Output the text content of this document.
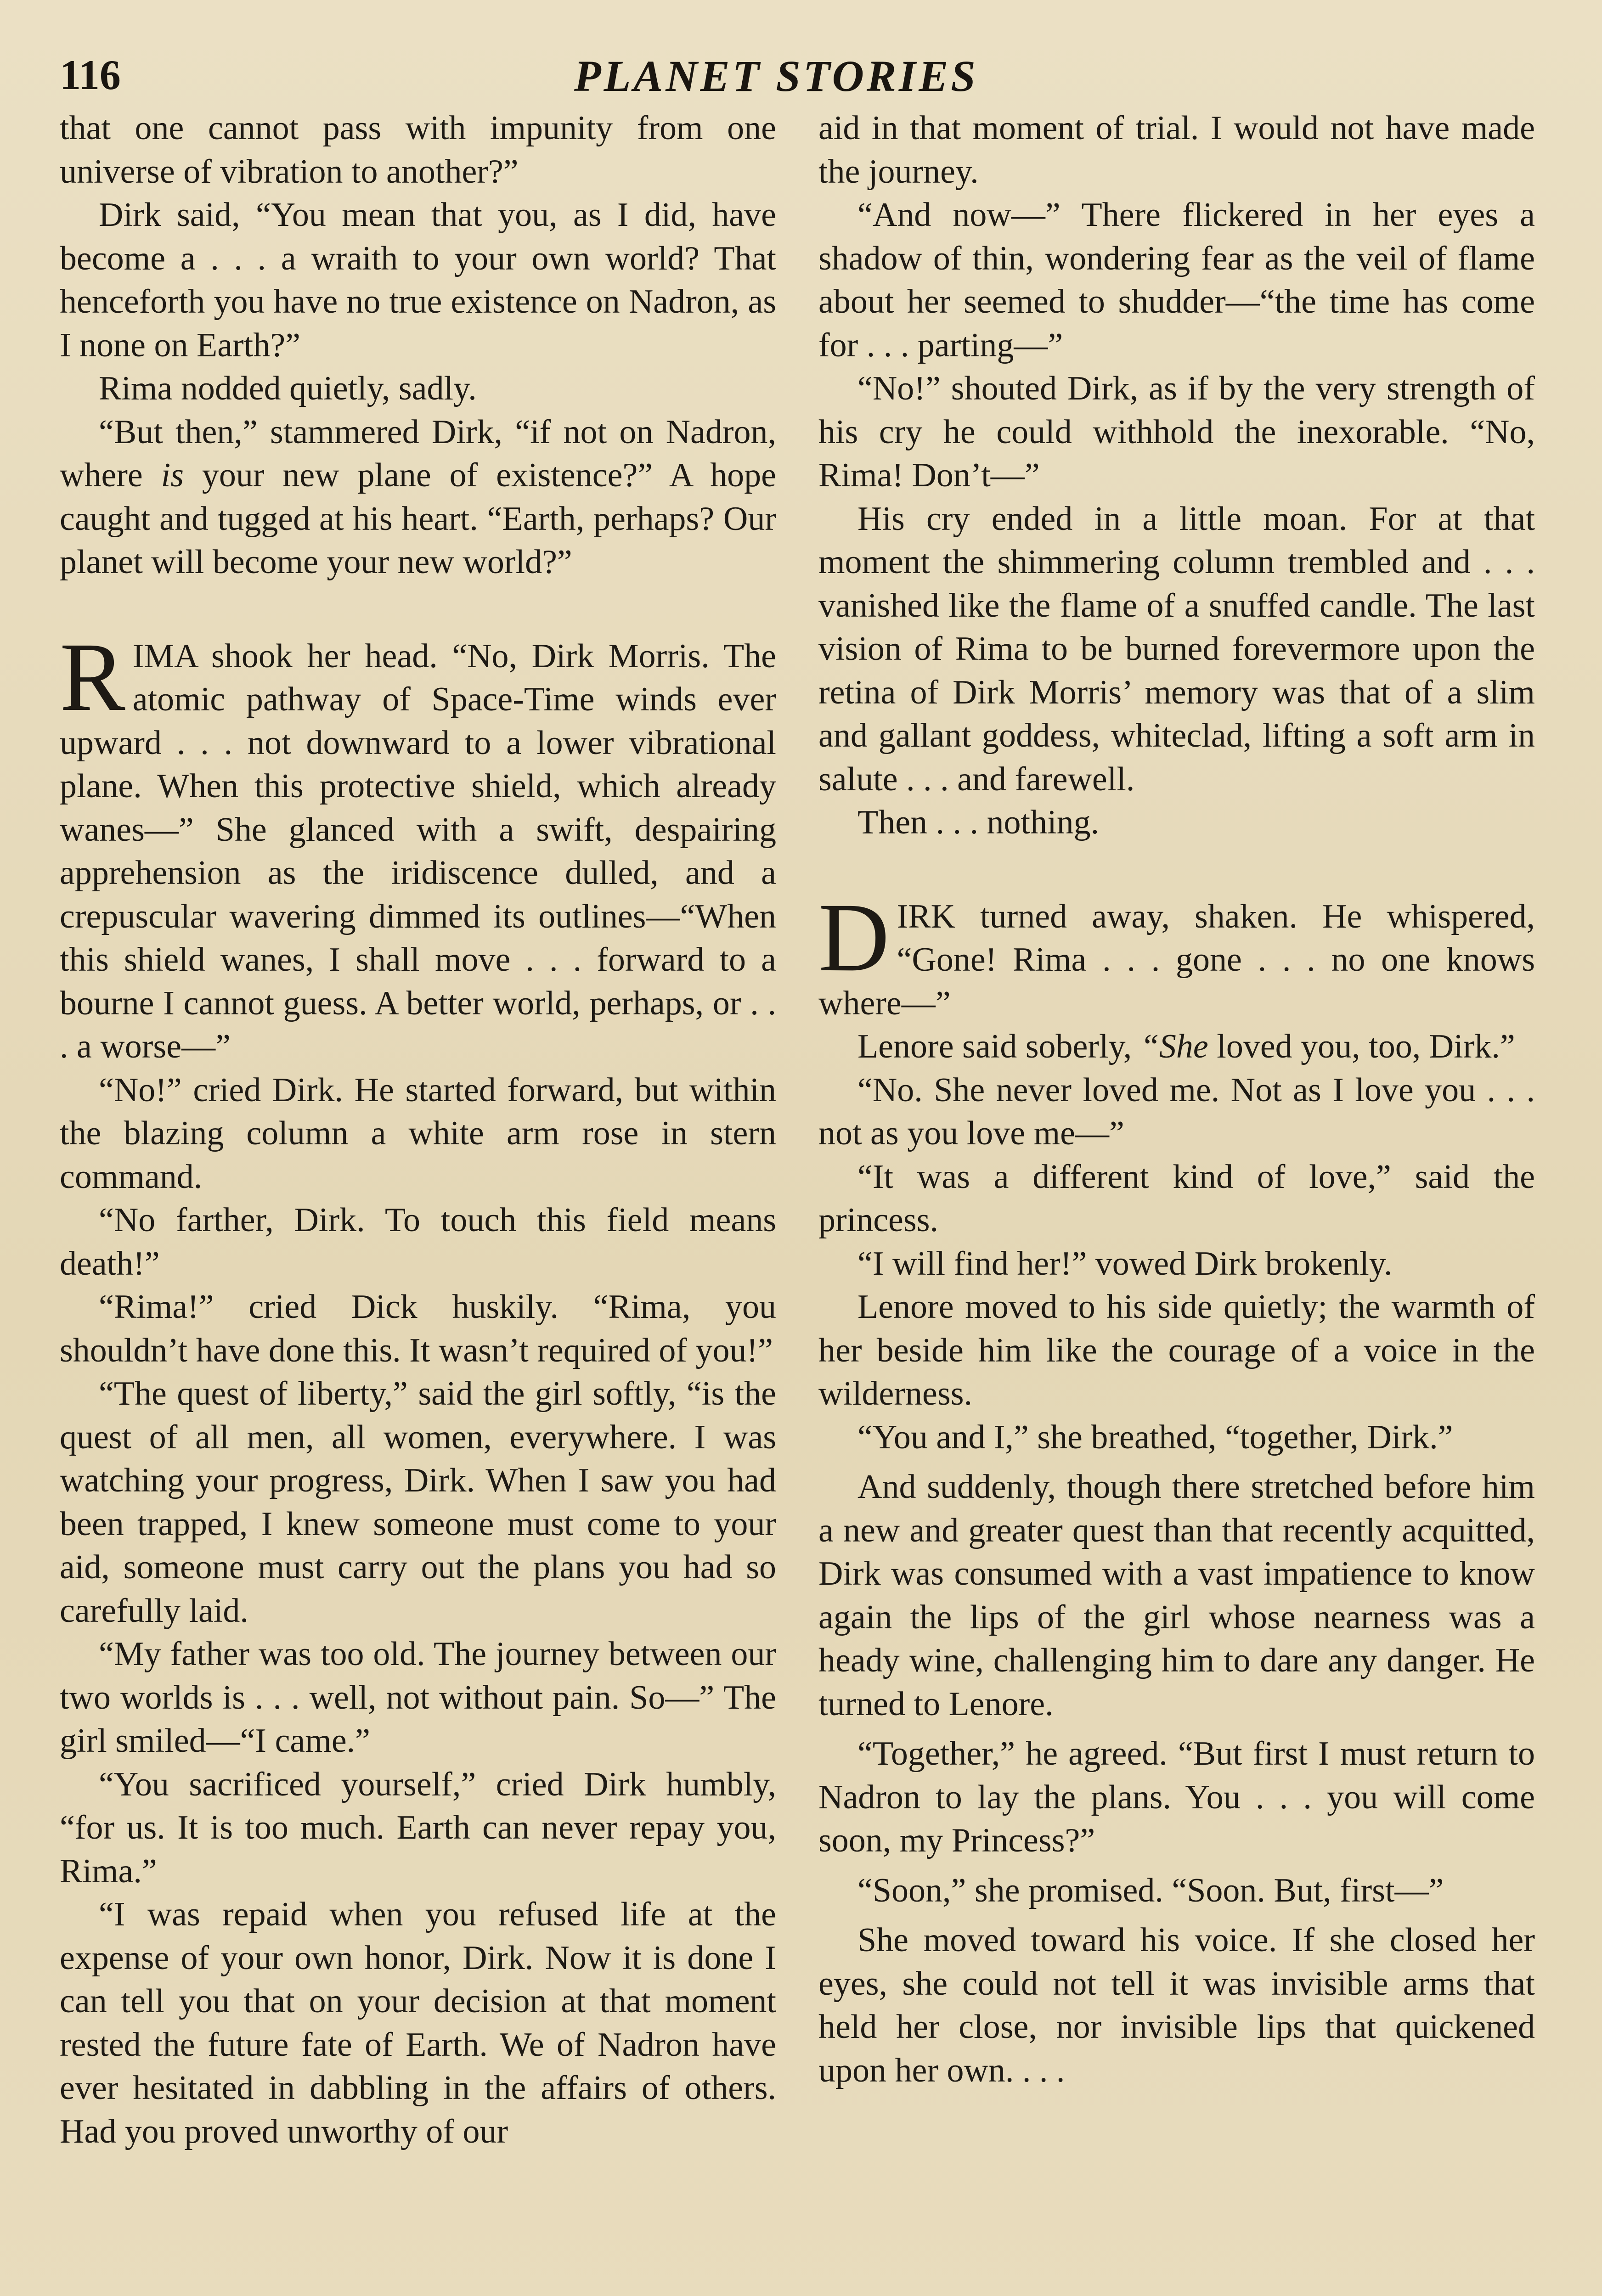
116	PLANET STORIES

that one cannot pass with impunity from one universe of vibration to another?”

Dirk said, “You mean that you, as I did, have become a . . . a wraith to your own world? That henceforth you have no true existence on Nadron, as I none on Earth?”

Rima nodded quietly, sadly.

“But then,” stammered Dirk, “if not on Nadron, where is your new plane of existence?” A hope caught and tugged at his heart. “Earth, perhaps? Our planet will become your new world?”

RIMA shook her head. “No, Dirk Morris. The atomic pathway of Space-Time winds ever upward . . . not downward to a lower vibrational plane. When this protective shield, which already wanes—” She glanced with a swift, despairing apprehension as the iridiscence dulled, and a crepuscular wavering dimmed its outlines—“When this shield wanes, I shall move . . . forward to a bourne I cannot guess. A better world, perhaps, or . . . a worse—”

“No!” cried Dirk. He started forward, but within the blazing column a white arm rose in stern command.

“No farther, Dirk. To touch this field means death!”

“Rima!” cried Dick huskily. “Rima, you shouldn’t have done this. It wasn’t required of you!”

“The quest of liberty,” said the girl softly, “is the quest of all men, all women, everywhere. I was watching your progress, Dirk. When I saw you had been trapped, I knew someone must come to your aid, someone must carry out the plans you had so carefully laid.

“My father was too old. The journey between our two worlds is . . . well, not without pain. So—” The girl smiled—“I came.”

“You sacrificed yourself,” cried Dirk humbly, “for us. It is too much. Earth can never repay you, Rima.”

“I was repaid when you refused life at the expense of your own honor, Dirk. Now it is done I can tell you that on your decision at that moment rested the future fate of Earth. We of Nadron have ever hesitated in dabbling in the affairs of others. Had you proved unworthy of our

aid in that moment of trial. I would not have made the journey.

“And now—” There flickered in her eyes a shadow of thin, wondering fear as the veil of flame about her seemed to shudder—“the time has come for . . . parting—”

“No!” shouted Dirk, as if by the very strength of his cry he could withhold the inexorable. “No, Rima! Don’t—”

His cry ended in a little moan. For at that moment the shimmering column trembled and . . . vanished like the flame of a snuffed candle. The last vision of Rima to be burned forevermore upon the retina of Dirk Morris’ memory was that of a slim and gallant goddess, whiteclad, lifting a soft arm in salute . . . and farewell.

Then . . . nothing.

DIRK turned away, shaken. He whispered, “Gone! Rima . . . gone . . . no one knows where—”

Lenore said soberly, “She loved you, too, Dirk.”

“No. She never loved me. Not as I love you . . . not as you love me—”

“It was a different kind of love,” said the princess.

“I will find her!” vowed Dirk brokenly.

Lenore moved to his side quietly; the warmth of her beside him like the courage of a voice in the wilderness.

“You and I,” she breathed, “together, Dirk.”

And suddenly, though there stretched before him a new and greater quest than that recently acquitted, Dirk was consumed with a vast impatience to know again the lips of the girl whose nearness was a heady wine, challenging him to dare any danger. He turned to Lenore.

“Together,” he agreed. “But first I must return to Nadron to lay the plans. You . . . you will come soon, my Princess?”

“Soon,” she promised. “Soon. But, first—”

She moved toward his voice. If she closed her eyes, she could not tell it was invisible arms that held her close, nor invisible lips that quickened upon her own. . . .
